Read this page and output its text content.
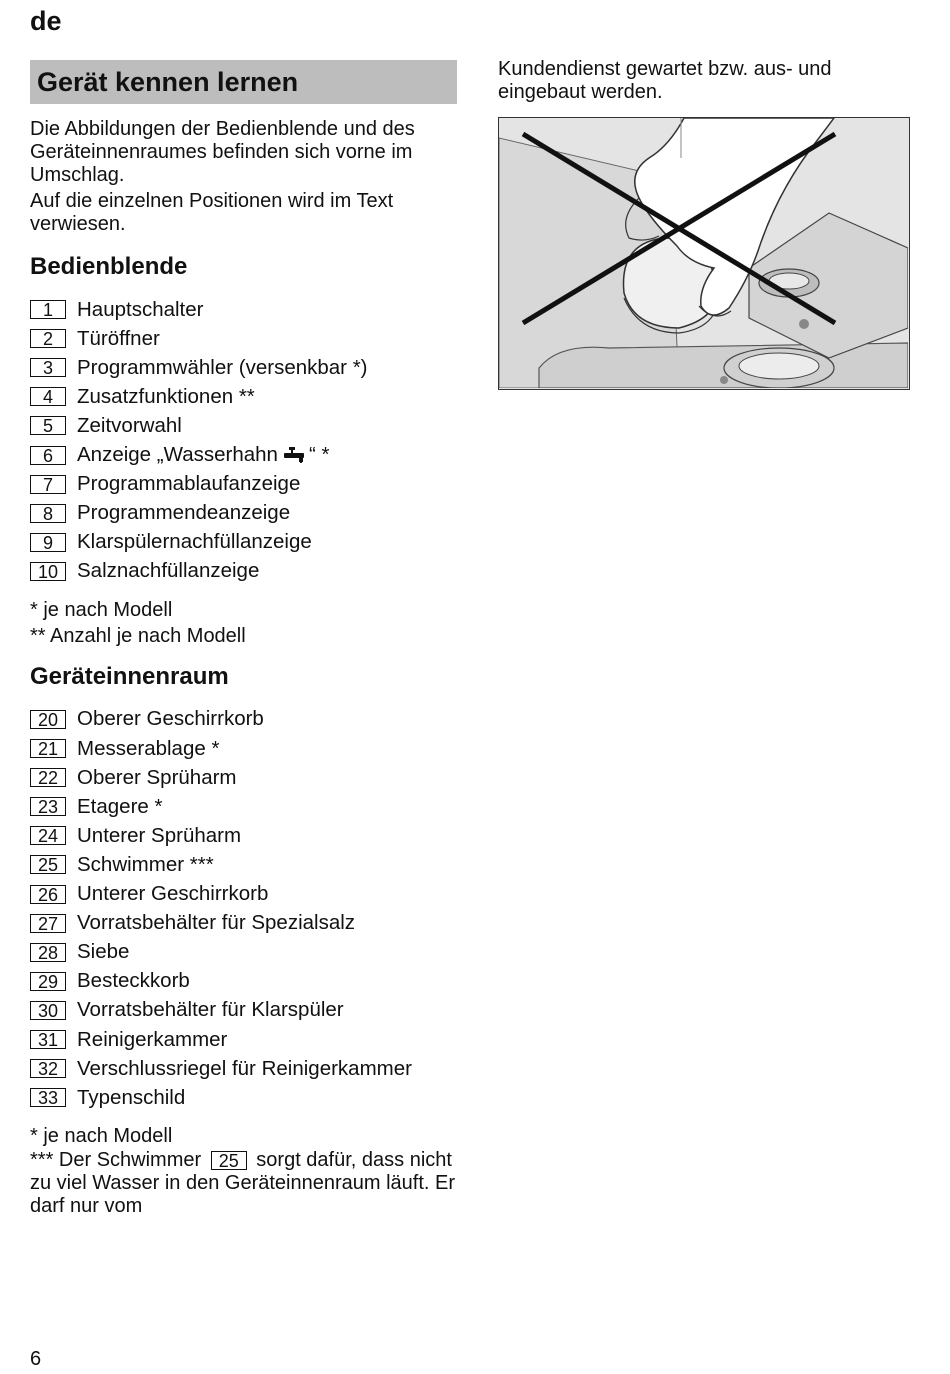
de
Gerät kennen lernen

Die Abbildungen der Bedienblende und des Geräteinnenraumes befinden sich vorne im Umschlag.

Auf die einzelnen Positionen wird im Text verwiesen.

Bedienblende
1	Hauptschalter
2	Türöffner
3	Programmwähler (versenkbar *)
4	Zusatzfunktionen **
5	Zeitvorwahl
6	Anzeige „Wasserhahn “ *
7	Programmablaufanzeige
8	Programmendeanzeige
9	Klarspülernachfüllanzeige
10 Salznachfüllanzeige

* je nach Modell

** Anzahl je nach Modell

Geräteinnenraum
20 Oberer Geschirrkorb
21 Messerablage *
22 Oberer Sprüharm
23 Etagere *
24 Unterer Sprüharm
25 Schwimmer ***
26 Unterer Geschirrkorb
27 Vorratsbehälter für Spezialsalz
28 Siebe
29 Besteckkorb
30 Vorratsbehälter für Klarspüler
31 Reinigerkammer
32 Verschlussriegel für Reinigerkammer
33 Typenschild

* je nach Modell

*** Der Schwimmer 25 sorgt dafür, dass nicht zu viel Wasser in den Geräteinnenraum läuft. Er darf nur vom

Kundendienst gewartet bzw. aus- und eingebaut werden.

6
